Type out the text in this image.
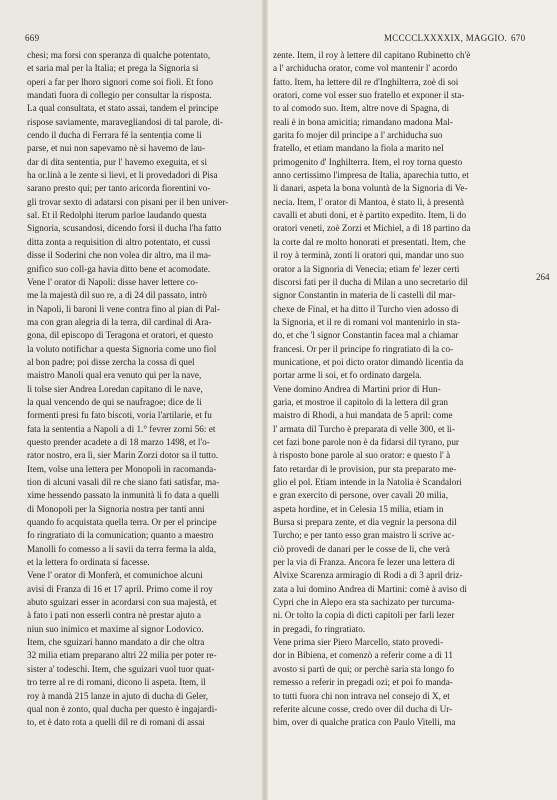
669	MCCCCLXXXXIX, MAGGIO. 670

chesi; ma forsi con speranza di qualche potentato,

et saria mal per la Italia; et prega la Signoria si

operi a far per lhoro signori come soi fioli. Et fono

mandati fuora di collegio per consultar la risposta.

La qual consultata, et stato assai, tandem el principe

rispose saviamente, maravegliandosi di tal parole, di-

cendo il ducha di Ferrara fé la sentenția come li

parse, et nui non sapevamo nè si havemo de lau-

dar di dita sententia, pur l' havemo exeguita, et si

ha or.linà a le zente si lievi, et li provedadori di Pisa

sarano presto qui; per tanto aricorda fiorentini vo-

gli trovar sexto di adatarsi con pisani per il ben univer-

sal. Et il Redolphi iterum parloe laudando questa

Signoria, scusandosi, dicendo forsi il ducha l'ha fatto

ditta zonta a requisition di altro potentato, et cussì

disse il Soderini che non volea dir altro, ma il ma-

gnifico suo coll-ga havia ditto bene et acomodate.

Vene l' orator di Napoli: disse haver lettere co-

me la majestà dil suo re, a dì 24 dil passato, intrò

in Napoli, li baroni li vene contra fino al pian di Pal-

ma con gran alegria di la terra, dil cardinal di Ara-

gona, dil episcopo di Teragona et oratori, et questo

la voluto notifichar a questa Signoria come uno fiol

al bon padre; poi disse zercha la cossa di quel

maistro Manoli qual era venuto qui per la nave,

li tolse sier Andrea Loredan capitano di le nave,

la qual vencendo de qui se naufragoe; dice de li

formenti presi fu fato biscoti, voria l'artilarie, et fu

fata la sententia a Napoli a dì 1.° fevrer zorni 56: et

questo prender acadete a dì 18 marzo 1498, et l'o-

rator nostro, era lì, sier Marin Zorzi dotor sa il tutto.

Item, volse una lettera per Monopoli in racomanda-

tion di alcuni vasali dil re che siano fati satisfar, ma-

xime hessendo passato la inmunità li fo data a quelli

di Monopoli per la Signoria nostra per tanti anni

quando fo acquistata quella terra. Or per el principe

fo ringratiato di la comunication; quanto a maestro

Manolli fo comesso a li savii da terra ferma la alda,

et la lettera fo ordinata si facesse.

Vene l' orator di Monferà, et comunichoe alcuni

avisi di Franza di 16 et 17 april. Primo come il roy

abuto sguizari esser in acordarsi con sua majestà, et

à fato i pati non esserli contra nè prestar ajuto a

niun suo inimico et maxime al signor Lodovico.

Item, che sguizari hanno mandato a dir che oltra

32 milia etiam preparano altri 22 milia per poter re-

sister a' todeschi. Item, che sguizari vuol tuor quat-

tro terre al re di romani, dicono li aspeta. Item, il

roy à mandà 215 lanze in ajuto di ducha di Geler,

qual non è zonto, qual ducha per questo è ingajardi-

to, et è dato rota a quelli dil re di romani di assai

zente. Item, il roy à lettere dil capitano Rubinetto ch'è

a l' archiducha orator, come vol mantenir l' acordo

fatto. Item, ha lettere dil re d'Inghilterra, zoè di soi

oratori, come vol esser suo fratello et exponer il sta-

to al comodo suo. Item, altre nove di Spagna, di

reali è in bona amicitia; rimandano madona Mal-

garita fo mojer dil principe a l' archiducha suo

fratello, et etiam mandano la fiola a marito nel

primogenito d' Inghilterra. Item, el roy torna questo

anno certissimo l'impresa de Italia, aparechia tutto, et

li danari, aspeta la bona voluntà de la Signoria di Ve-

necia. Item, l' orator di Mantoa, è stato lì, à presentà

cavalli et abuti doni, et è partito expedito. Item, li do

oratori veneti, zoè Zorzi et Michiel, a dì 18 partino da

la corte dal re molto honorati et presentati. Item, che

il roy à terminà, zonti li oratori qui, mandar uno suo

orator a la Signoria di Venecia; etiam fe' lezer certi

discorsi fati per il ducha di Milan a uno secretario dil

signor Constantin in materia de li castelli dil mar-

chexe de Final, et ha ditto il Turcho vien adosso di

la Signoria, et il re di romani vol mantenirlo in sta-

do, et che 'l signor Constantin facea mal a chiamar

francesi. Or per il principe fo ringratiato di la co-

municatione, et poi dicto orator dimandò licentia da

portar arme li soi, et fo ordinato dargela.

Vene domino Andrea di Martini prior di Hun-

garia, et mostroe il capitolo di la lettera dil gran

maistro di Rhodi, a hui mandata de 5 april: come

l' armata dil Turcho è preparata di velle 300, et li-

cet fazi bone parole non è da fidarsi dil tyrano, pur

à risposto bone parole al suo orator: e questo l' à

fato retardar di le provision, pur sta preparato me-

glio el pol. Etiam intende in la Natolia è Scandalori

e gran exercito di persone, over cavali 20 milia,

aspeta hordine, et in Celesia 15 milia, etiam in

Bursa si prepara zente, et dia vegnir la persona dil

Turcho; e per tanto esso gran maistro li scrive ac-

ciò provedi de danari per le cosse de li, che verà

per la via di Franza. Ancora fe lezer una lettera di

Alvixe Scarenza armiragio di Rodi a dì 3 april driz-

zata a lui domino Andrea di Martini: comè à aviso di

Cypri che in Alepo era sta sachizato per turcuma-

ni. Or tolto la copia di dicti capitoli per farli lezer

in pregadi, fo ringratiato.

Vene prima sier Piero Marcello, stato provedi-

dor in Bibiena, et comenzò a referir come a dì 11

avosto si partì de qui; or perchè saria sta longo fo

remesso a referir in pregadi ozi; et poi fo manda-

to tutti fuora chi non intrava nel consejo di X, et

referite alcune cosse, credo over dil ducha di Ur-

bim, over di qualche pratica con Paulo Vitelli, ma

264
